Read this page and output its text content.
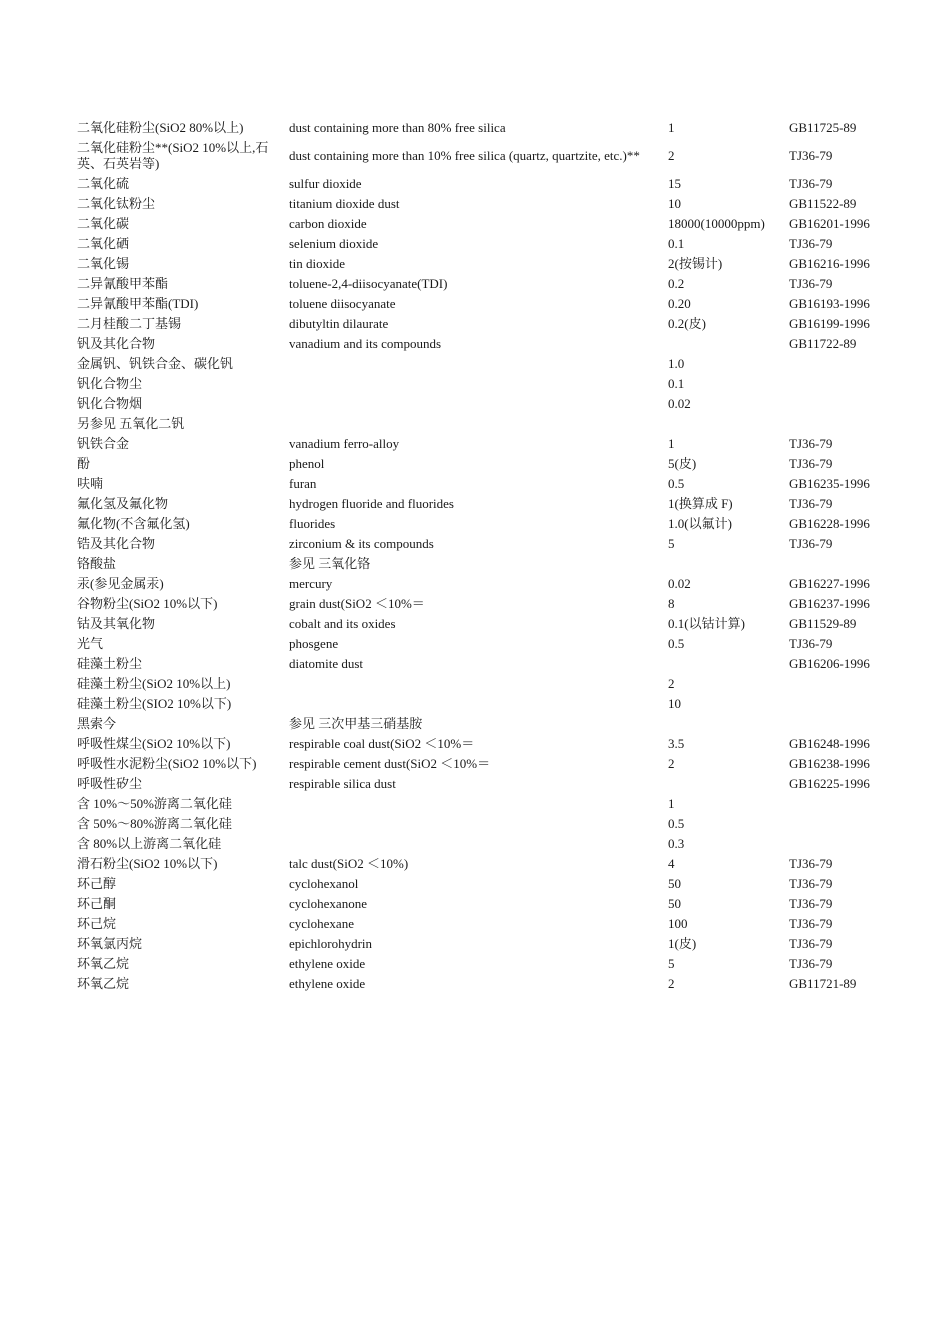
二氧化硅粉尘(SiO2 80%以上)	dust containing more than 80% free silica	1	GB11725-89
二氧化硅粉尘**(SiO2 10%以上,石英、石英岩等)	dust containing more than 10% free silica (quartz, quartzite, etc.)**	2	TJ36-79
二氧化硫	sulfur dioxide	15	TJ36-79
二氧化钛粉尘	titanium dioxide dust	10	GB11522-89
二氧化碳	carbon dioxide	18000(10000ppm)	GB16201-1996
二氧化硒	selenium dioxide	0.1	TJ36-79
二氧化锡	tin dioxide	2(按锡计)	GB16216-1996
二异氰酸甲苯酯	toluene-2,4-diisocyanate(TDI)	0.2	TJ36-79
二异氰酸甲苯酯(TDI)	toluene diisocyanate	0.20	GB16193-1996
二月桂酸二丁基锡	dibutyltin dilaurate	0.2(皮)	GB16199-1996
钒及其化合物	vanadium and its compounds		GB11722-89
金属钒、钒铁合金、碳化钒		1.0	
钒化合物尘		0.1	
钒化合物烟		0.02	
另参见 五氧化二钒			
钒铁合金	vanadium ferro-alloy	1	TJ36-79
酚	phenol	5(皮)	TJ36-79
呋喃	furan	0.5	GB16235-1996
氟化氢及氟化物	hydrogen fluoride and fluorides	1(换算成 F)	TJ36-79
氟化物(不含氟化氢)	fluorides	1.0(以氟计)	GB16228-1996
锆及其化合物	zirconium & its compounds	5	TJ36-79
铬酸盐	参见 三氧化铬		
汞(参见金属汞)	mercury	0.02	GB16227-1996
谷物粉尘(SiO2 10%以下)	grain dust(SiO2 ＜10%＝	8	GB16237-1996
钴及其氧化物	cobalt and its oxides	0.1(以钴计算)	GB11529-89
光气	phosgene	0.5	TJ36-79
硅藻土粉尘	diatomite dust		GB16206-1996
硅藻土粉尘(SiO2 10%以上)		2	
硅藻土粉尘(SIO2 10%以下)		10	
黑索今	参见 三次甲基三硝基胺		
呼吸性煤尘(SiO2 10%以下)	respirable coal dust(SiO2 ＜10%＝	3.5	GB16248-1996
呼吸性水泥粉尘(SiO2 10%以下)	respirable cement dust(SiO2 ＜10%＝	2	GB16238-1996
呼吸性矽尘	respirable silica dust		GB16225-1996
含 10%～50%游离二氧化硅		1	
含 50%～80%游离二氧化硅		0.5	
含 80%以上游离二氧化硅		0.3	
滑石粉尘(SiO2 10%以下)	talc dust(SiO2 ＜10%)	4	TJ36-79
环己醇	cyclohexanol	50	TJ36-79
环己酮	cyclohexanone	50	TJ36-79
环己烷	cyclohexane	100	TJ36-79
环氧氯丙烷	epichlorohydrin	1(皮)	TJ36-79
环氧乙烷	ethylene oxide	5	TJ36-79
环氧乙烷	ethylene oxide	2	GB11721-89
